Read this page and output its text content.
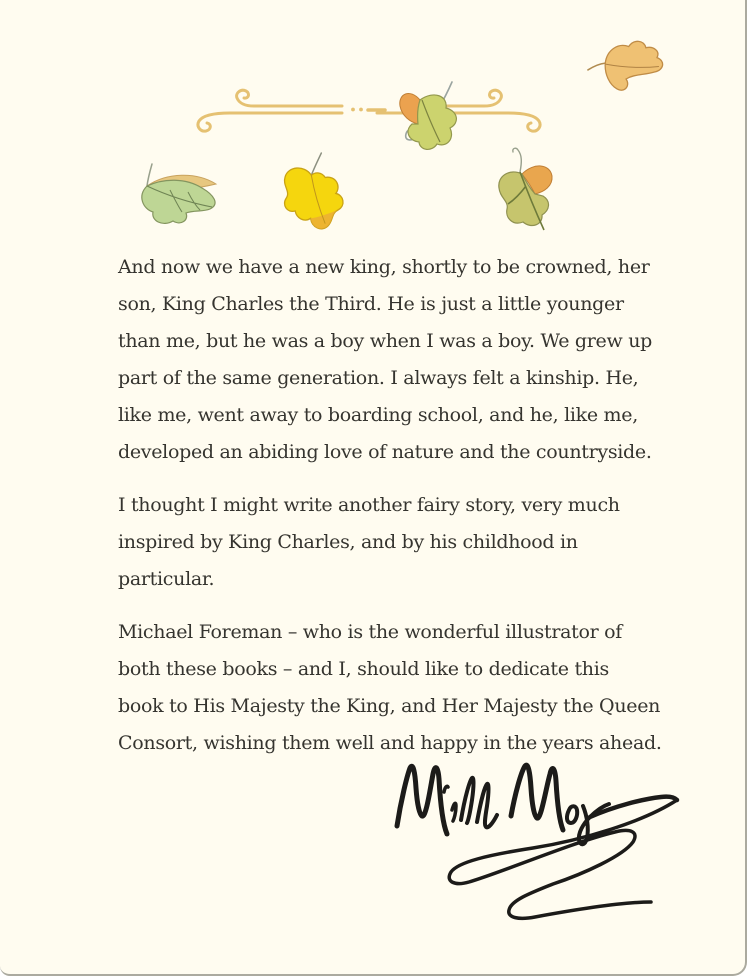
And now we have a new king, shortly to be crowned, her
son, King Charles the Third. He is just a little younger
than me, but he was a boy when I was a boy. We grew up
part of the same generation. I always felt a kinship. He,
like me, went away to boarding school, and he, like me,
developed an abiding love of nature and the countryside.
I thought I might write another fairy story, very much
inspired by King Charles, and by his childhood in
particular.
Michael Foreman – who is the wonderful illustrator of
both these books – and I, should like to dedicate this
book to His Majesty the King, and Her Majesty the Queen
Consort, wishing them well and happy in the years ahead.
